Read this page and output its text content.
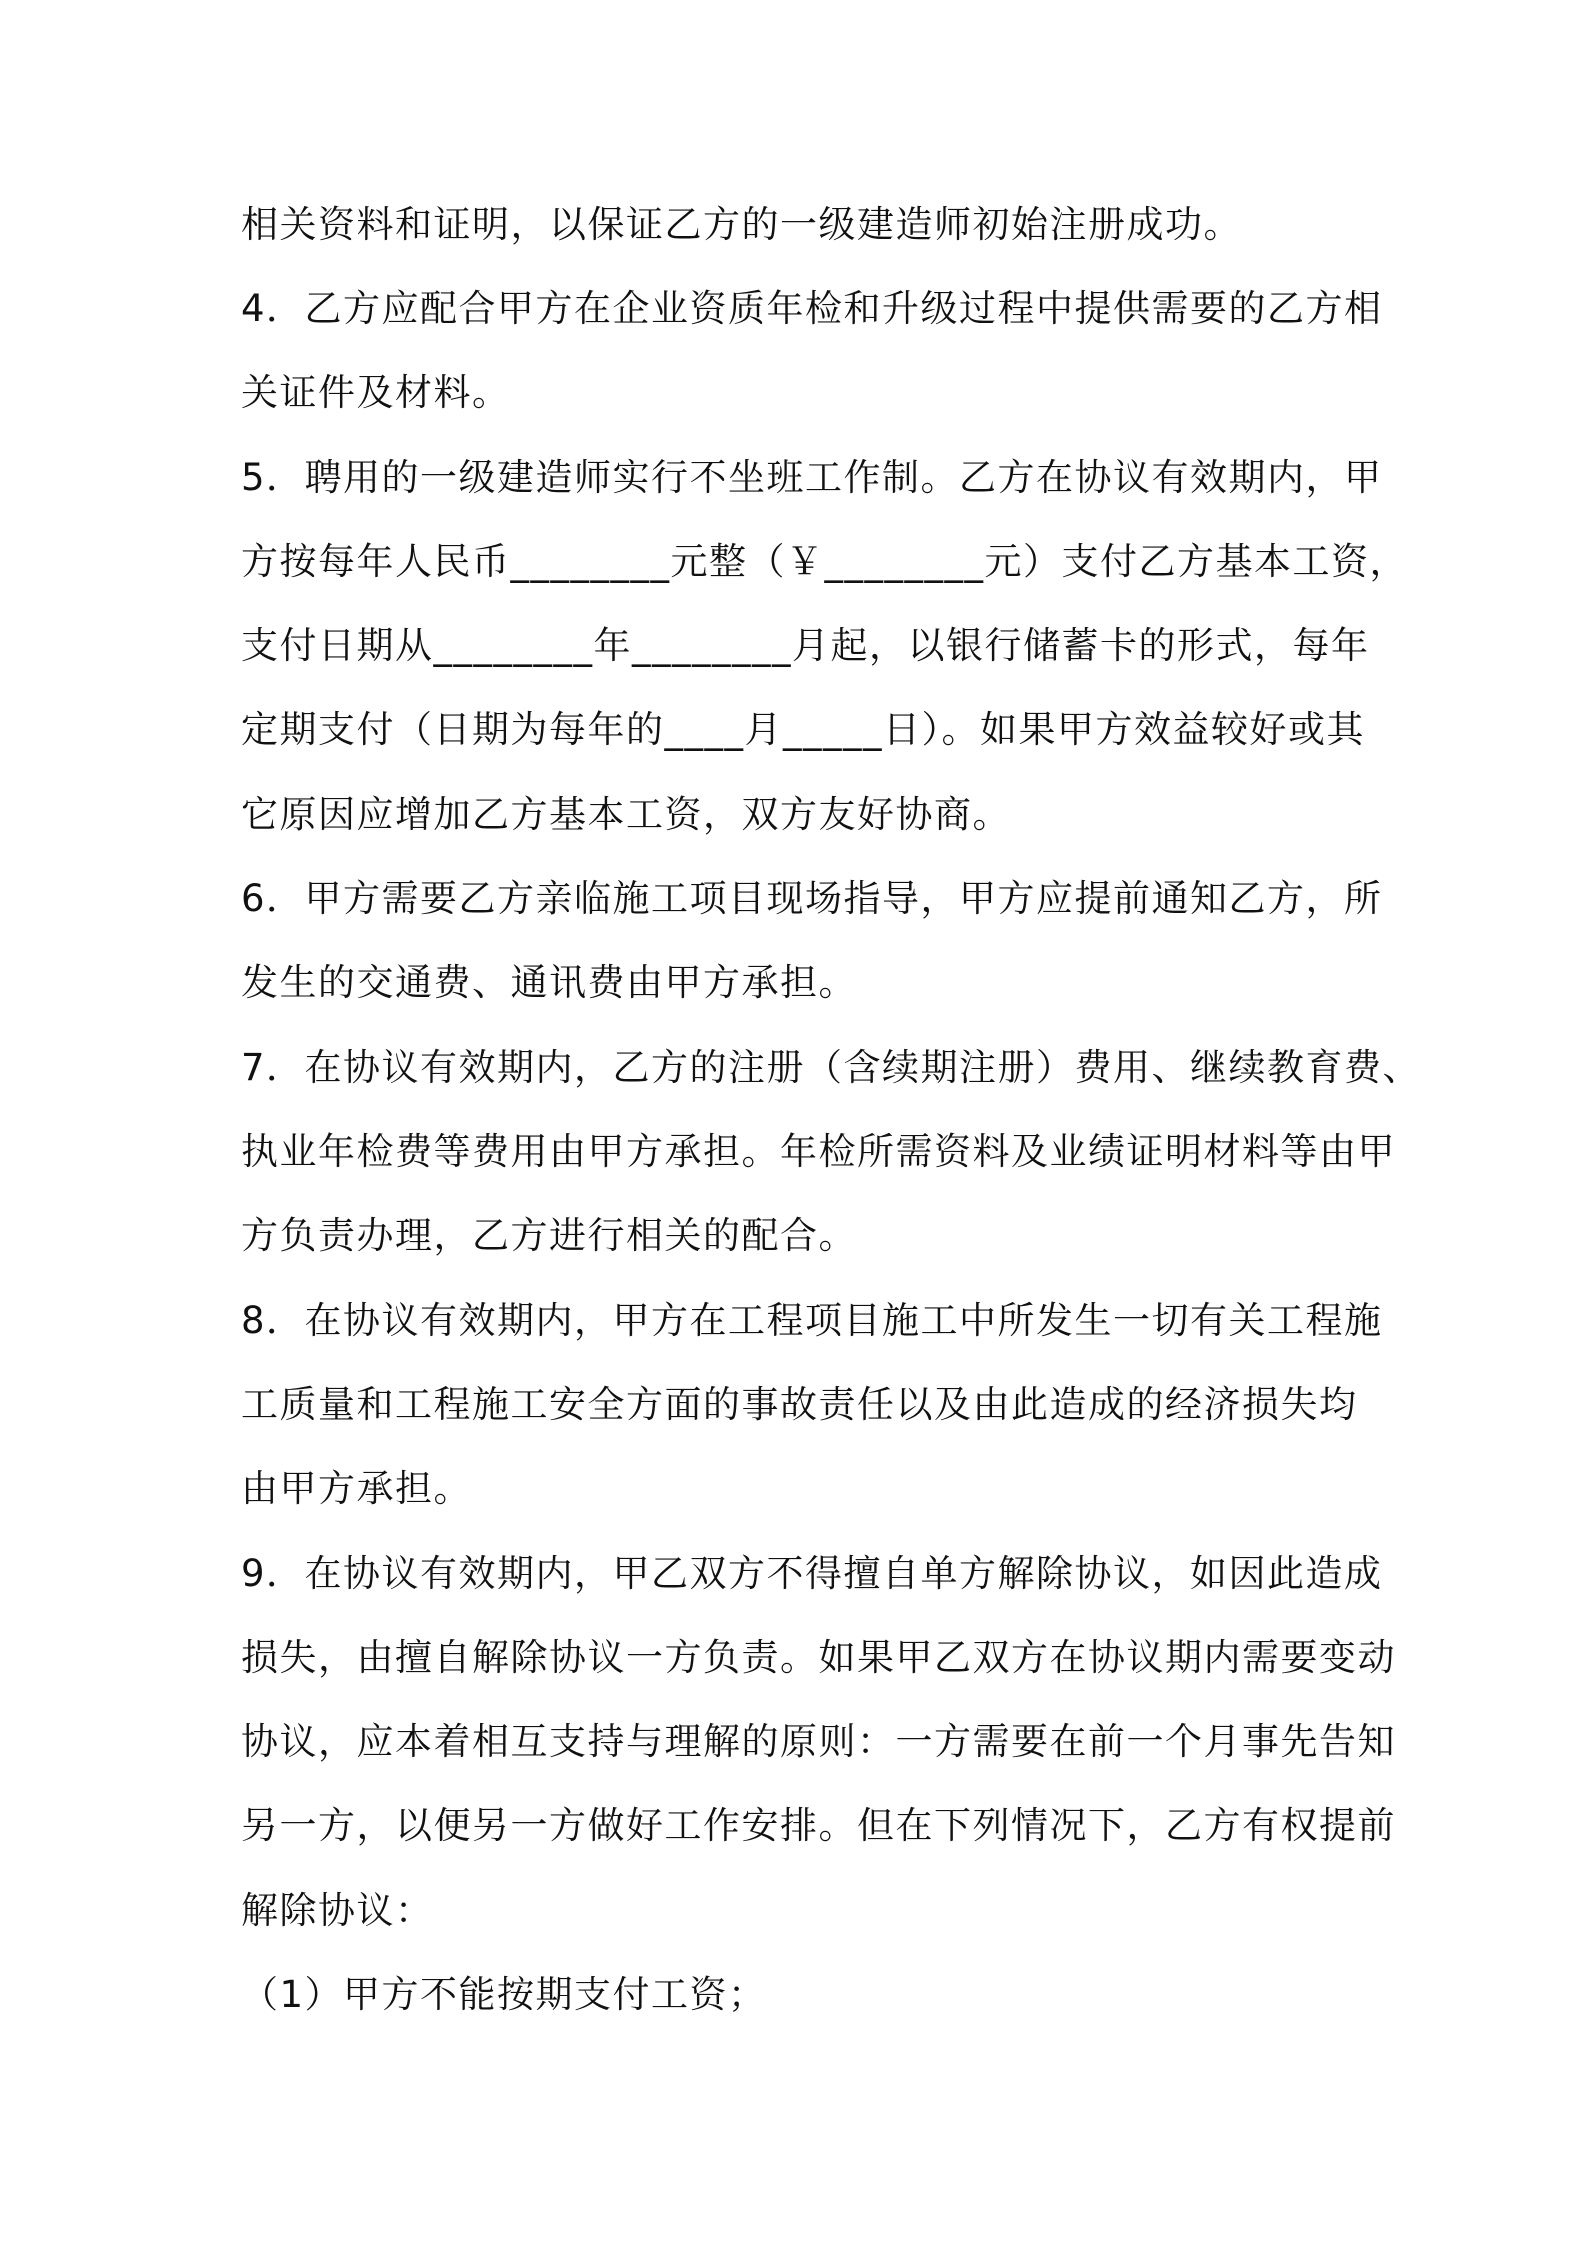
相关资料和证明，以保证乙方的一级建造师初始注册成功。
4．乙方应配合甲方在企业资质年检和升级过程中提供需要的乙方相
关证件及材料。
5．聘用的一级建造师实行不坐班工作制。乙方在协议有效期内，甲
方按每年人民币________元整（￥________元）支付乙方基本工资，
支付日期从________年________月起，以银行储蓄卡的形式，每年
定期支付（日期为每年的____月_____日）。如果甲方效益较好或其
它原因应增加乙方基本工资，双方友好协商。
6．甲方需要乙方亲临施工项目现场指导，甲方应提前通知乙方，所
发生的交通费、通讯费由甲方承担。
7．在协议有效期内，乙方的注册（含续期注册）费用、继续教育费、
执业年检费等费用由甲方承担。年检所需资料及业绩证明材料等由甲
方负责办理，乙方进行相关的配合。
8．在协议有效期内，甲方在工程项目施工中所发生一切有关工程施
工质量和工程施工安全方面的事故责任以及由此造成的经济损失均
由甲方承担。
9．在协议有效期内，甲乙双方不得擅自单方解除协议，如因此造成
损失，由擅自解除协议一方负责。如果甲乙双方在协议期内需要变动
协议，应本着相互支持与理解的原则：一方需要在前一个月事先告知
另一方，以便另一方做好工作安排。但在下列情况下，乙方有权提前
解除协议：
（1）甲方不能按期支付工资；
